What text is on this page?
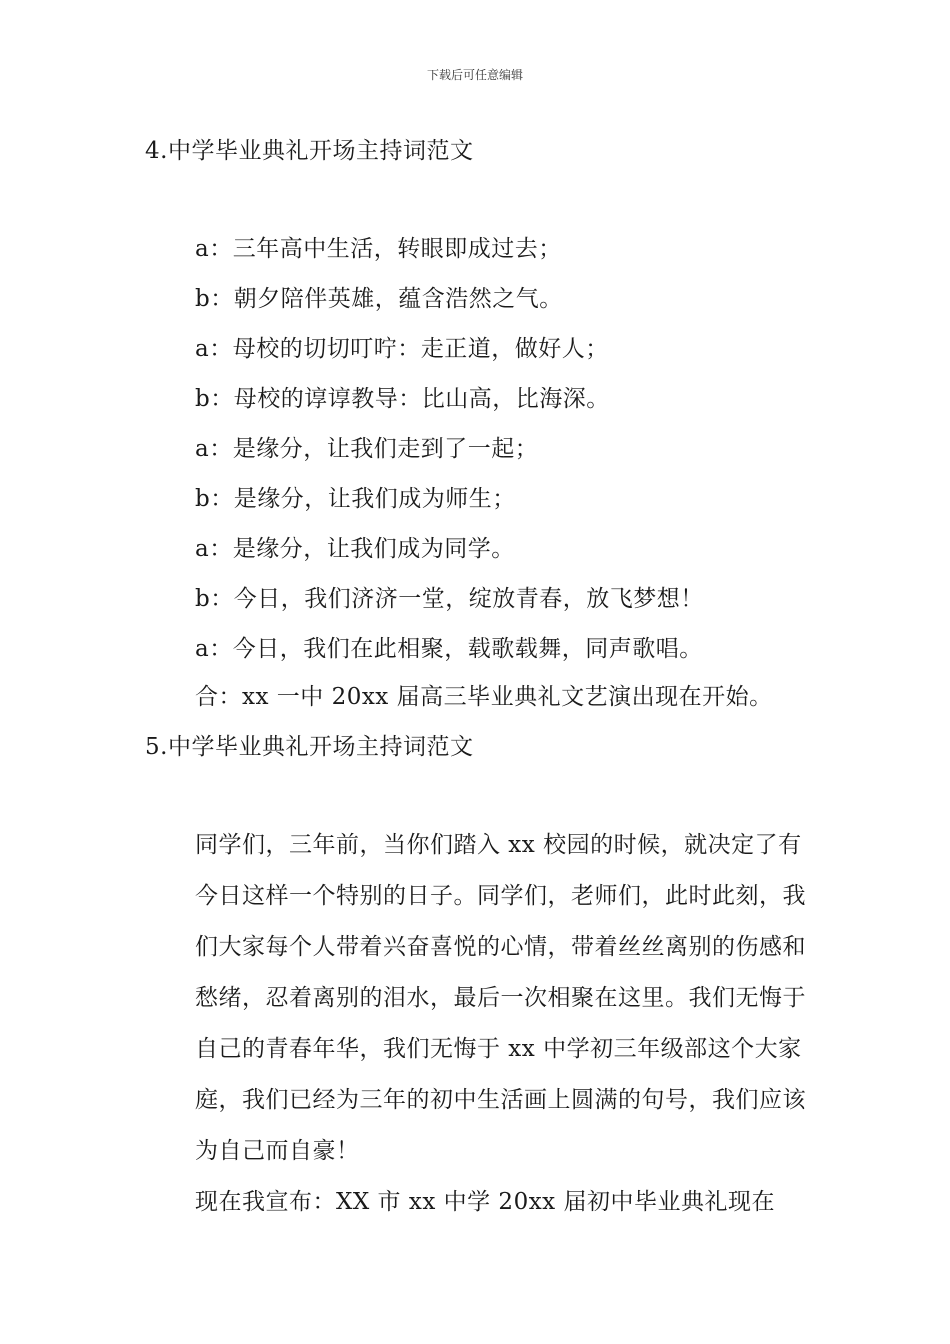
下载后可任意编辑
4.中学毕业典礼开场主持词范文
a：三年高中生活，转眼即成过去；
b：朝夕陪伴英雄，蕴含浩然之气。
a：母校的切切叮咛：走正道，做好人；
b：母校的谆谆教导：比山高，比海深。
a：是缘分，让我们走到了一起；
b：是缘分，让我们成为师生；
a：是缘分，让我们成为同学。
b：今日，我们济济一堂，绽放青春，放飞梦想！
a：今日，我们在此相聚，载歌载舞，同声歌唱。
合：xx 一中 20xx 届高三毕业典礼文艺演出现在开始。
5.中学毕业典礼开场主持词范文

同学们，三年前，当你们踏入 xx 校园的时候，就决定了有今日这样一个特别的日子。同学们，老师们，此时此刻，我们大家每个人带着兴奋喜悦的心情，带着丝丝离别的伤感和愁绪，忍着离别的泪水，最后一次相聚在这里。我们无悔于自己的青春年华，我们无悔于 xx 中学初三年级部这个大家庭，我们已经为三年的初中生活画上圆满的句号，我们应该为自己而自豪！

现在我宣布：XX 市 xx 中学 20xx 届初中毕业典礼现在
